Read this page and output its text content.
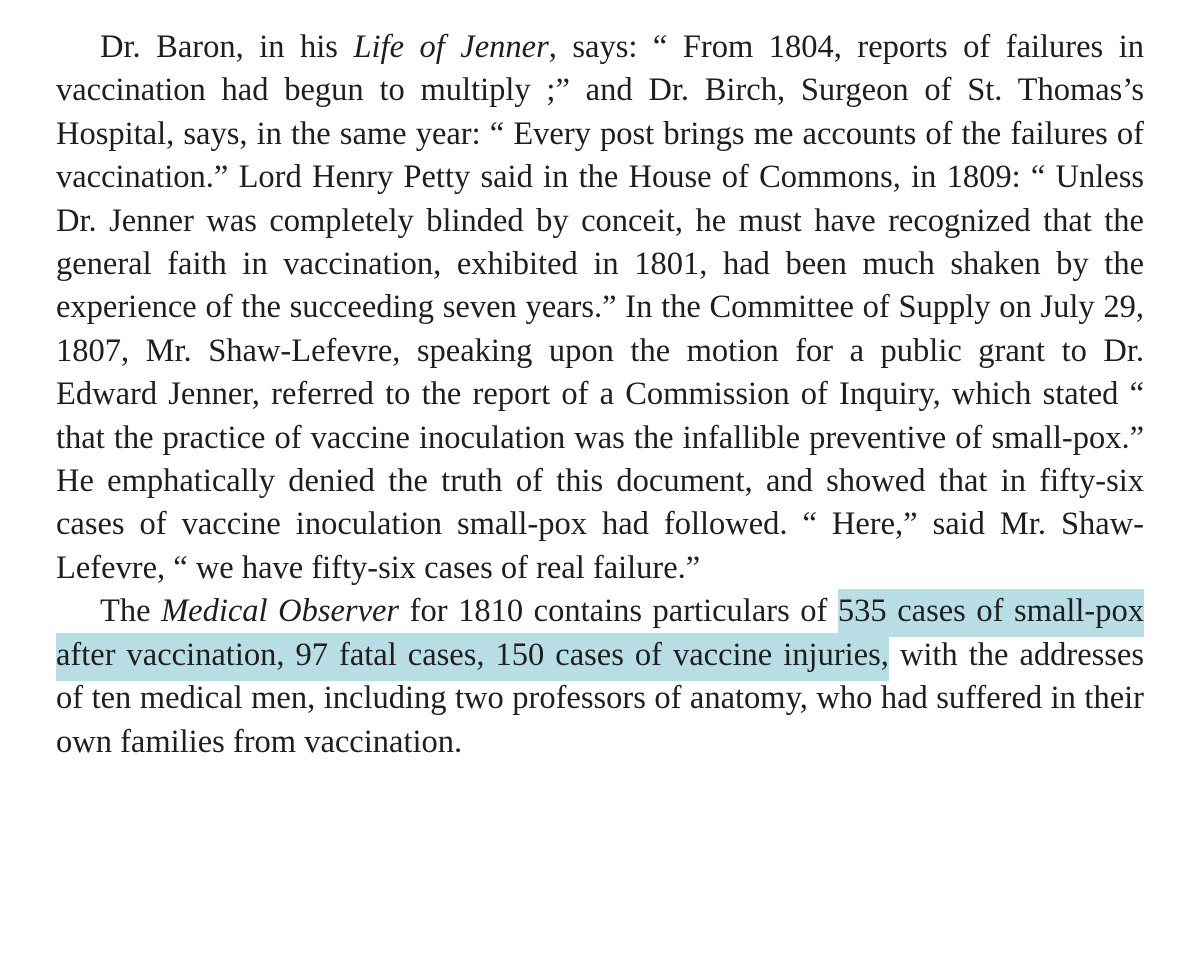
Dr. Baron, in his Life of Jenner, says: “ From 1804, reports of failures in vaccination had begun to multiply ;” and Dr. Birch, Surgeon of St. Thomas’s Hospital, says, in the same year: “ Every post brings me accounts of the failures of vaccination.” Lord Henry Petty said in the House of Commons, in 1809: “ Unless Dr. Jenner was completely blinded by conceit, he must have recognized that the general faith in vaccination, exhibited in 1801, had been much shaken by the experience of the succeeding seven years.” In the Committee of Supply on July 29, 1807, Mr. Shaw-Lefevre, speaking upon the motion for a public grant to Dr. Edward Jenner, referred to the report of a Commission of Inquiry, which stated “ that the practice of vaccine inoculation was the infallible preventive of small-pox.” He emphatically denied the truth of this document, and showed that in fifty-six cases of vaccine inoculation small-pox had followed. “ Here,” said Mr. Shaw-Lefevre, “ we have fifty-six cases of real failure.”

The Medical Observer for 1810 contains particulars of 535 cases of small-pox after vaccination, 97 fatal cases, 150 cases of vaccine injuries, with the addresses of ten medical men, including two professors of anatomy, who had suffered in their own families from vaccination.
